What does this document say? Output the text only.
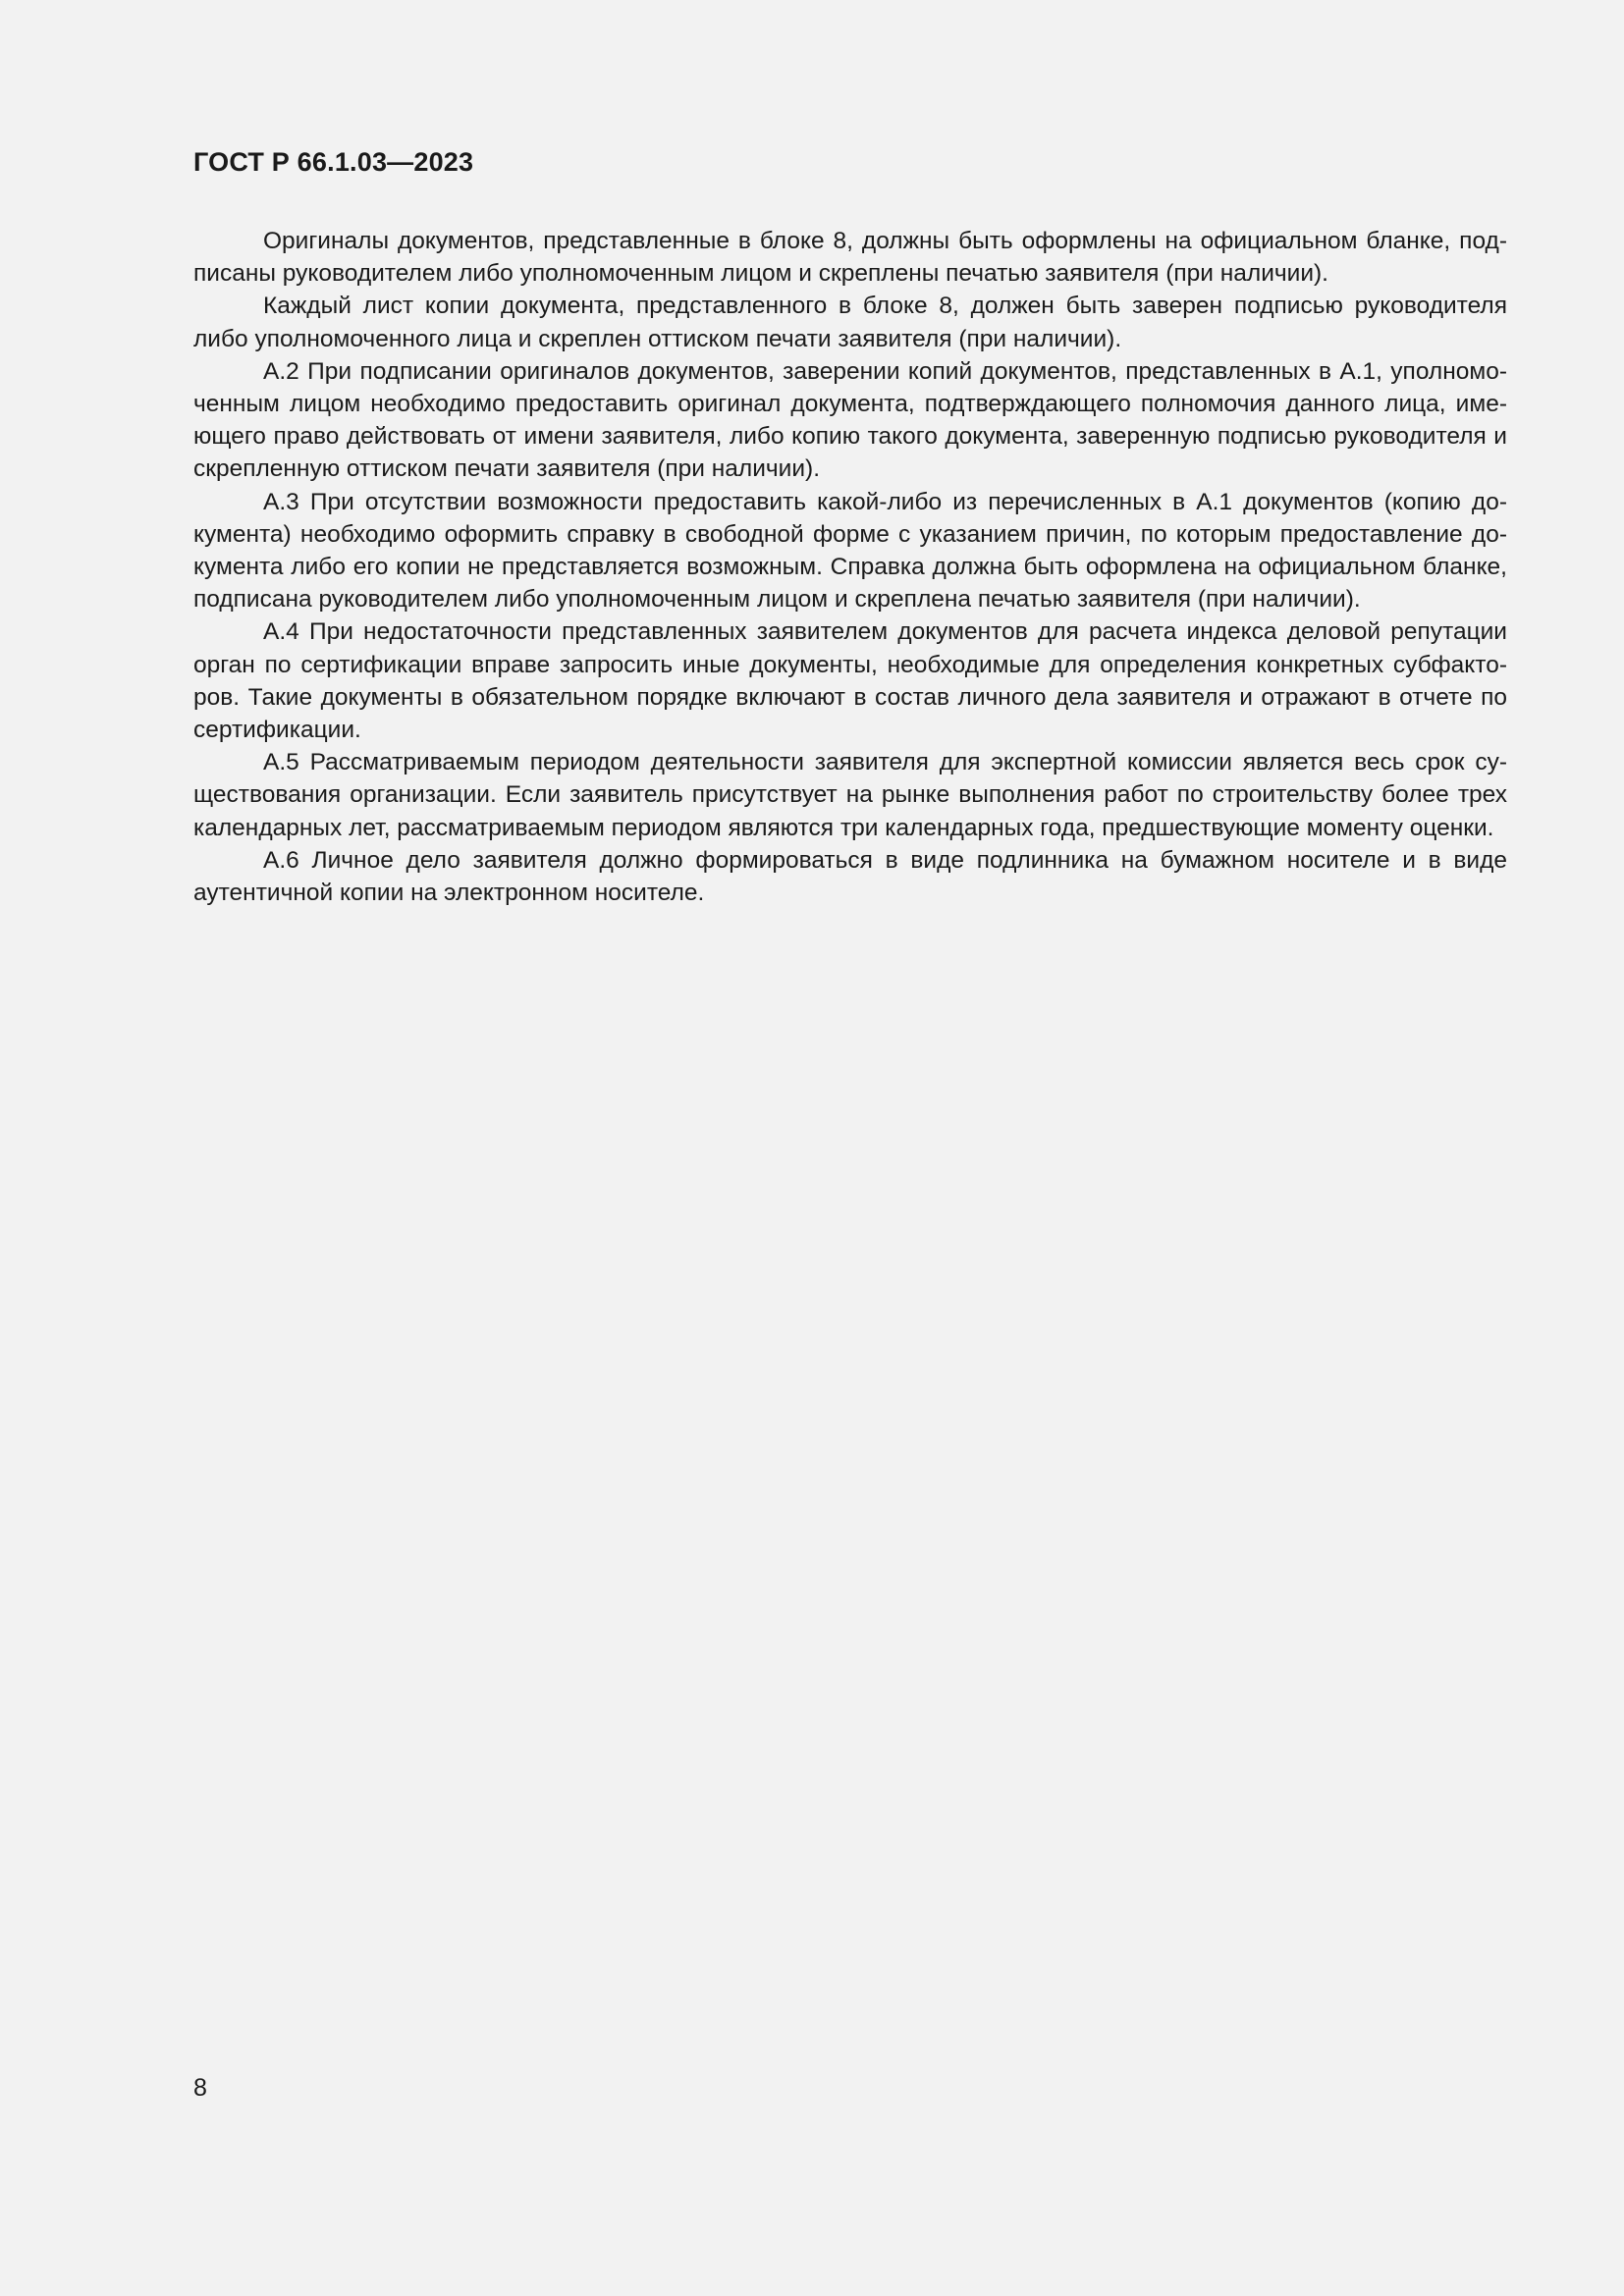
ГОСТ Р 66.1.03—2023

Оригиналы документов, представленные в блоке 8, должны быть оформлены на официальном бланке, подписаны руководителем либо уполномоченным лицом и скреплены печатью заявителя (при наличии).

Каждый лист копии документа, представленного в блоке 8, должен быть заверен подписью руководителя либо уполномоченного лица и скреплен оттиском печати заявителя (при наличии).

А.2 При подписании оригиналов документов, заверении копий документов, представленных в А.1, уполномоченным лицом необходимо предоставить оригинал документа, подтверждающего полномочия данного лица, имеющего право действовать от имени заявителя, либо копию такого документа, заверенную подписью руководителя и скрепленную оттиском печати заявителя (при наличии).

А.3 При отсутствии возможности предоставить какой-либо из перечисленных в А.1 документов (копию документа) необходимо оформить справку в свободной форме с указанием причин, по которым предоставление документа либо его копии не представляется возможным. Справка должна быть оформлена на официальном бланке, подписана руководителем либо уполномоченным лицом и скреплена печатью заявителя (при наличии).

А.4 При недостаточности представленных заявителем документов для расчета индекса деловой репутации орган по сертификации вправе запросить иные документы, необходимые для определения конкретных субфакторов. Такие документы в обязательном порядке включают в состав личного дела заявителя и отражают в отчете по сертификации.

А.5 Рассматриваемым периодом деятельности заявителя для экспертной комиссии является весь срок существования организации. Если заявитель присутствует на рынке выполнения работ по строительству более трех календарных лет, рассматриваемым периодом являются три календарных года, предшествующие моменту оценки.

А.6 Личное дело заявителя должно формироваться в виде подлинника на бумажном носителе и в виде аутентичной копии на электронном носителе.

8
